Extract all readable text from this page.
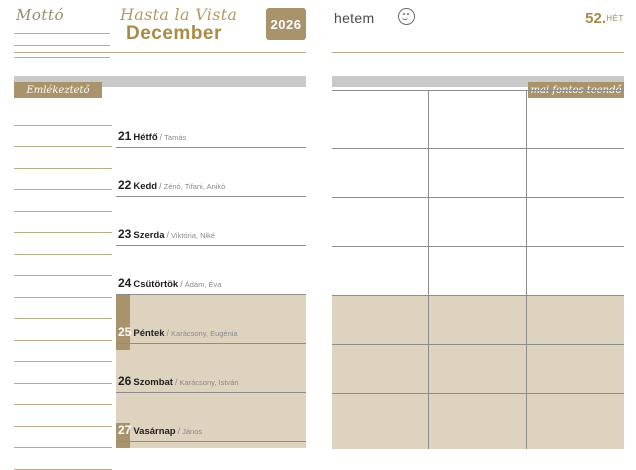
Mottó	Hasta la Vista
December	2026
Emlékeztető
21 Hétfő / Tamás
22 Kedd / Zénó, Tifani, Anikó
23 Szerda / Viktória, Niké
24 Csütörtök / Ádám, Éva
25 Péntek / Karácsony, Eugénia
26 Szombat / Karácsony, István
27 Vasárnap / János
hetem	52. HÉT
mai fontos teendő
